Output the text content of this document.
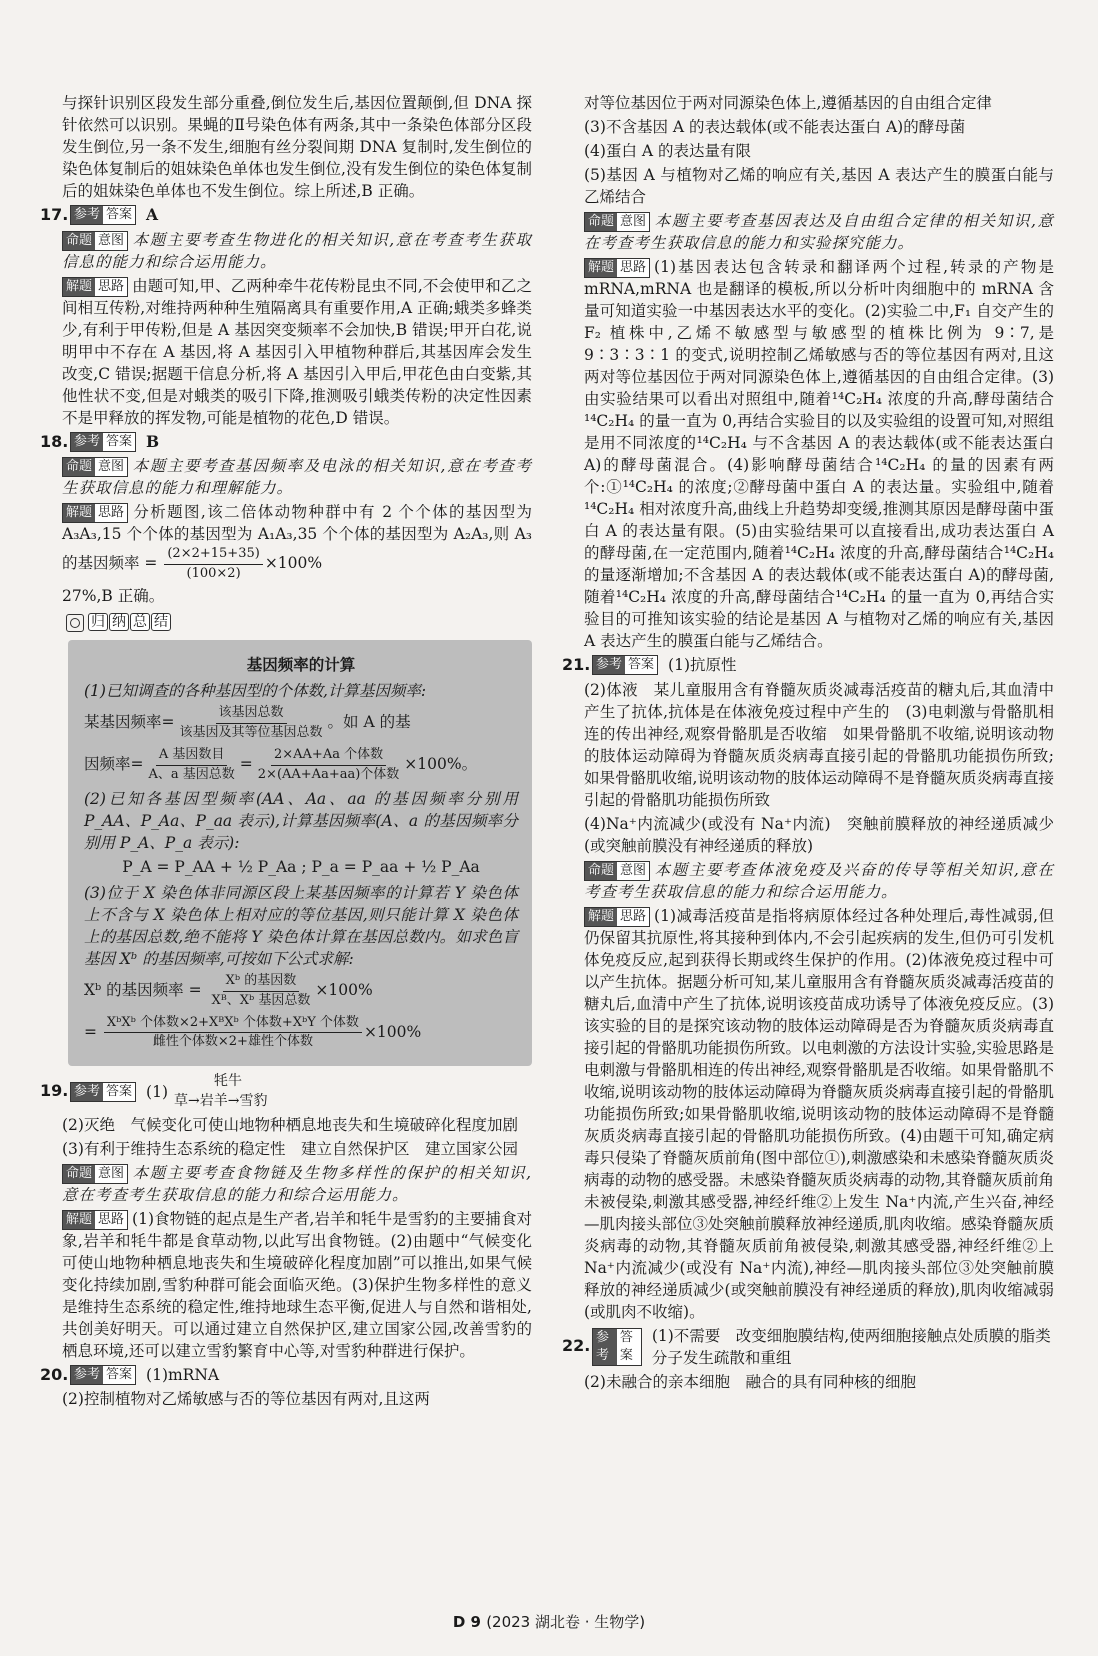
与探针识别区段发生部分重叠,倒位发生后,基因位置颠倒,但 DNA 探针依然可以识别。果蝇的Ⅱ号染色体有两条,其中一条染色体部分区段发生倒位,另一条不发生,细胞有丝分裂间期 DNA 复制时,发生倒位的染色体复制后的姐妹染色单体也发生倒位,没有发生倒位的染色体复制后的姐妹染色单体也不发生倒位。综上所述,B 正确。

17. 参考 答案 A

命题 意图 本题主要考查生物进化的相关知识,意在考查考生获取信息的能力和综合运用能力。

解题 思路 由题可知,甲、乙两种牵牛花传粉昆虫不同,不会使甲和乙之间相互传粉,对维持两种种生殖隔离具有重要作用,A 正确;蛾类多蜂类少,有利于甲传粉,但是 A 基因突变频率不会加快,B 错误;甲开白花,说明甲中不存在 A 基因,将 A 基因引入甲植物种群后,其基因库会发生改变,C 错误;据题干信息分析,将 A 基因引入甲后,甲花色由白变紫,其他性状不变,但是对蛾类的吸引下降,推测吸引蛾类传粉的决定性因素不是甲释放的挥发物,可能是植物的花色,D 错误。

18. 参考 答案 B

命题 意图 本题主要考查基因频率及电泳的相关知识,意在考查考生获取信息的能力和理解能力。

解题 思路 分析题图,该二倍体动物种群中有 2 个个体的基因型为 A₃A₃,15 个个体的基因型为 A₁A₃,35 个个体的基因型为 A₂A₃,则 A₃ 的基因频率 = $\frac{(2\times 2+15+35)}{(100\times 2)} \times 100\%$

27%,B 正确。

归 纳 总 结
基因频率的计算

(1)已知调查的各种基因型的个体数,计算基因频率:

某基因频率= $\frac{\text{该基因总数}}{\text{该基因及其等位基因总数}}$ 。如 A 的基
因频率= $\frac{\text{A 基因数目}}{\text{A、a 基因总数}} = \frac{\text{2×AA+Aa 个体数}}{\text{2×(AA+Aa+aa)个体数}} \times 100\%$。

(2)已知各基因型频率(AA、Aa、aa 的基因频率分别用 P_AA、P_Aa、P_aa 表示),计算基因频率(A、a 的基因频率分别用 P_A、P_a 表示):

P_A = P_AA + ½ P_Aa ; P_a = P_aa + ½ P_Aa

(3)位于 X 染色体非同源区段上某基因频率的计算若 Y 染色体上不含与 X 染色体上相对应的等位基因,则只能计算 X 染色体上的基因总数,绝不能将 Y 染色体计算在基因总数内。如求色盲基因 Xᵇ 的基因频率,可按如下公式求解:

Xᵇ 的基因频率 = $\frac{\text{Xᵇ 的基因数}}{\text{Xᴮ、Xᵇ 基因总数}} \times 100\%$
= $\frac{\text{XᵇXᵇ 个体数×2+XᴮXᵇ 个体数+XᵇY 个体数}}{\text{雌性个体数×2+雄性个体数}} \times 100\%$
19. 参考 答案 (1)
牦牛
草→岩羊→雪豹

(2)灭绝　气候变化可使山地物种栖息地丧失和生境破碎化程度加剧

(3)有利于维持生态系统的稳定性　建立自然保护区　建立国家公园

命题 意图 本题主要考查食物链及生物多样性的保护的相关知识,意在考查考生获取信息的能力和综合运用能力。

解题 思路 (1)食物链的起点是生产者,岩羊和牦牛是雪豹的主要捕食对象,岩羊和牦牛都是食草动物,以此写出食物链。(2)由题中“气候变化可使山地物种栖息地丧失和生境破碎化程度加剧”可以推出,如果气候变化持续加剧,雪豹种群可能会面临灭绝。(3)保护生物多样性的意义是维持生态系统的稳定性,维持地球生态平衡,促进人与自然和谐相处,共创美好明天。可以通过建立自然保护区,建立国家公园,改善雪豹的栖息环境,还可以建立雪豹繁育中心等,对雪豹种群进行保护。

20. 参考 答案 (1)mRNA

(2)控制植物对乙烯敏感与否的等位基因有两对,且这两

对等位基因位于两对同源染色体上,遵循基因的自由组合定律

(3)不含基因 A 的表达载体(或不能表达蛋白 A)的酵母菌

(4)蛋白 A 的表达量有限

(5)基因 A 与植物对乙烯的响应有关,基因 A 表达产生的膜蛋白能与乙烯结合

命题 意图 本题主要考查基因表达及自由组合定律的相关知识,意在考查考生获取信息的能力和实验探究能力。

解题 思路 (1)基因表达包含转录和翻译两个过程,转录的产物是 mRNA,mRNA 也是翻译的模板,所以分析叶肉细胞中的 mRNA 含量可知道实验一中基因表达水平的变化。(2)实验二中,F₁ 自交产生的 F₂ 植株中,乙烯不敏感型与敏感型的植株比例为 9∶7,是 9∶3∶3∶1 的变式,说明控制乙烯敏感与否的等位基因有两对,且这两对等位基因位于两对同源染色体上,遵循基因的自由组合定律。(3)由实验结果可以看出对照组中,随着¹⁴C₂H₄ 浓度的升高,酵母菌结合¹⁴C₂H₄ 的量一直为 0,再结合实验目的以及实验组的设置可知,对照组是用不同浓度的¹⁴C₂H₄ 与不含基因 A 的表达载体(或不能表达蛋白 A)的酵母菌混合。(4)影响酵母菌结合¹⁴C₂H₄ 的量的因素有两个:①¹⁴C₂H₄ 的浓度;②酵母菌中蛋白 A 的表达量。实验组中,随着¹⁴C₂H₄ 相对浓度升高,曲线上升趋势却变缓,推测其原因是酵母菌中蛋白 A 的表达量有限。(5)由实验结果可以直接看出,成功表达蛋白 A 的酵母菌,在一定范围内,随着¹⁴C₂H₄ 浓度的升高,酵母菌结合¹⁴C₂H₄ 的量逐渐增加;不含基因 A 的表达载体(或不能表达蛋白 A)的酵母菌,随着¹⁴C₂H₄ 浓度的升高,酵母菌结合¹⁴C₂H₄ 的量一直为 0,再结合实验目的可推知该实验的结论是基因 A 与植物对乙烯的响应有关,基因 A 表达产生的膜蛋白能与乙烯结合。

21. 参考 答案 (1)抗原性

(2)体液　某儿童服用含有脊髓灰质炎减毒活疫苗的糖丸后,其血清中产生了抗体,抗体是在体液免疫过程中产生的　(3)电刺激与骨骼肌相连的传出神经,观察骨骼肌是否收缩　如果骨骼肌不收缩,说明该动物的肢体运动障碍为脊髓灰质炎病毒直接引起的骨骼肌功能损伤所致;如果骨骼肌收缩,说明该动物的肢体运动障碍不是脊髓灰质炎病毒直接引起的骨骼肌功能损伤所致

(4)Na⁺内流减少(或没有 Na⁺内流)　突触前膜释放的神经递质减少(或突触前膜没有神经递质的释放)

命题 意图 本题主要考查体液免疫及兴奋的传导等相关知识,意在考查考生获取信息的能力和综合运用能力。

解题 思路 (1)减毒活疫苗是指将病原体经过各种处理后,毒性减弱,但仍保留其抗原性,将其接种到体内,不会引起疾病的发生,但仍可引发机体免疫反应,起到获得长期或终生保护的作用。(2)体液免疫过程中可以产生抗体。据题分析可知,某儿童服用含有脊髓灰质炎减毒活疫苗的糖丸后,血清中产生了抗体,说明该疫苗成功诱导了体液免疫反应。(3)该实验的目的是探究该动物的肢体运动障碍是否为脊髓灰质炎病毒直接引起的骨骼肌功能损伤所致。以电刺激的方法设计实验,实验思路是电刺激与骨骼肌相连的传出神经,观察骨骼肌是否收缩。如果骨骼肌不收缩,说明该动物的肢体运动障碍为脊髓灰质炎病毒直接引起的骨骼肌功能损伤所致;如果骨骼肌收缩,说明该动物的肢体运动障碍不是脊髓灰质炎病毒直接引起的骨骼肌功能损伤所致。(4)由题干可知,确定病毒只侵染了脊髓灰质前角(图中部位①),刺激感染和未感染脊髓灰质炎病毒的动物的感受器。未感染脊髓灰质炎病毒的动物,其脊髓灰质前角未被侵染,刺激其感受器,神经纤维②上发生 Na⁺内流,产生兴奋,神经—肌肉接头部位③处突触前膜释放神经递质,肌肉收缩。感染脊髓灰质炎病毒的动物,其脊髓灰质前角被侵染,刺激其感受器,神经纤维②上 Na⁺内流减少(或没有 Na⁺内流),神经—肌肉接头部位③处突触前膜释放的神经递质减少(或突触前膜没有神经递质的释放),肌肉收缩减弱(或肌肉不收缩)。

22. 参考
答案
(1)不需要　改变细胞膜结构,使两细胞接触点处质膜的脂类分子发生疏散和重组

(2)未融合的亲本细胞　融合的具有同种核的细胞

D 9 (2023 湖北卷 · 生物学)
